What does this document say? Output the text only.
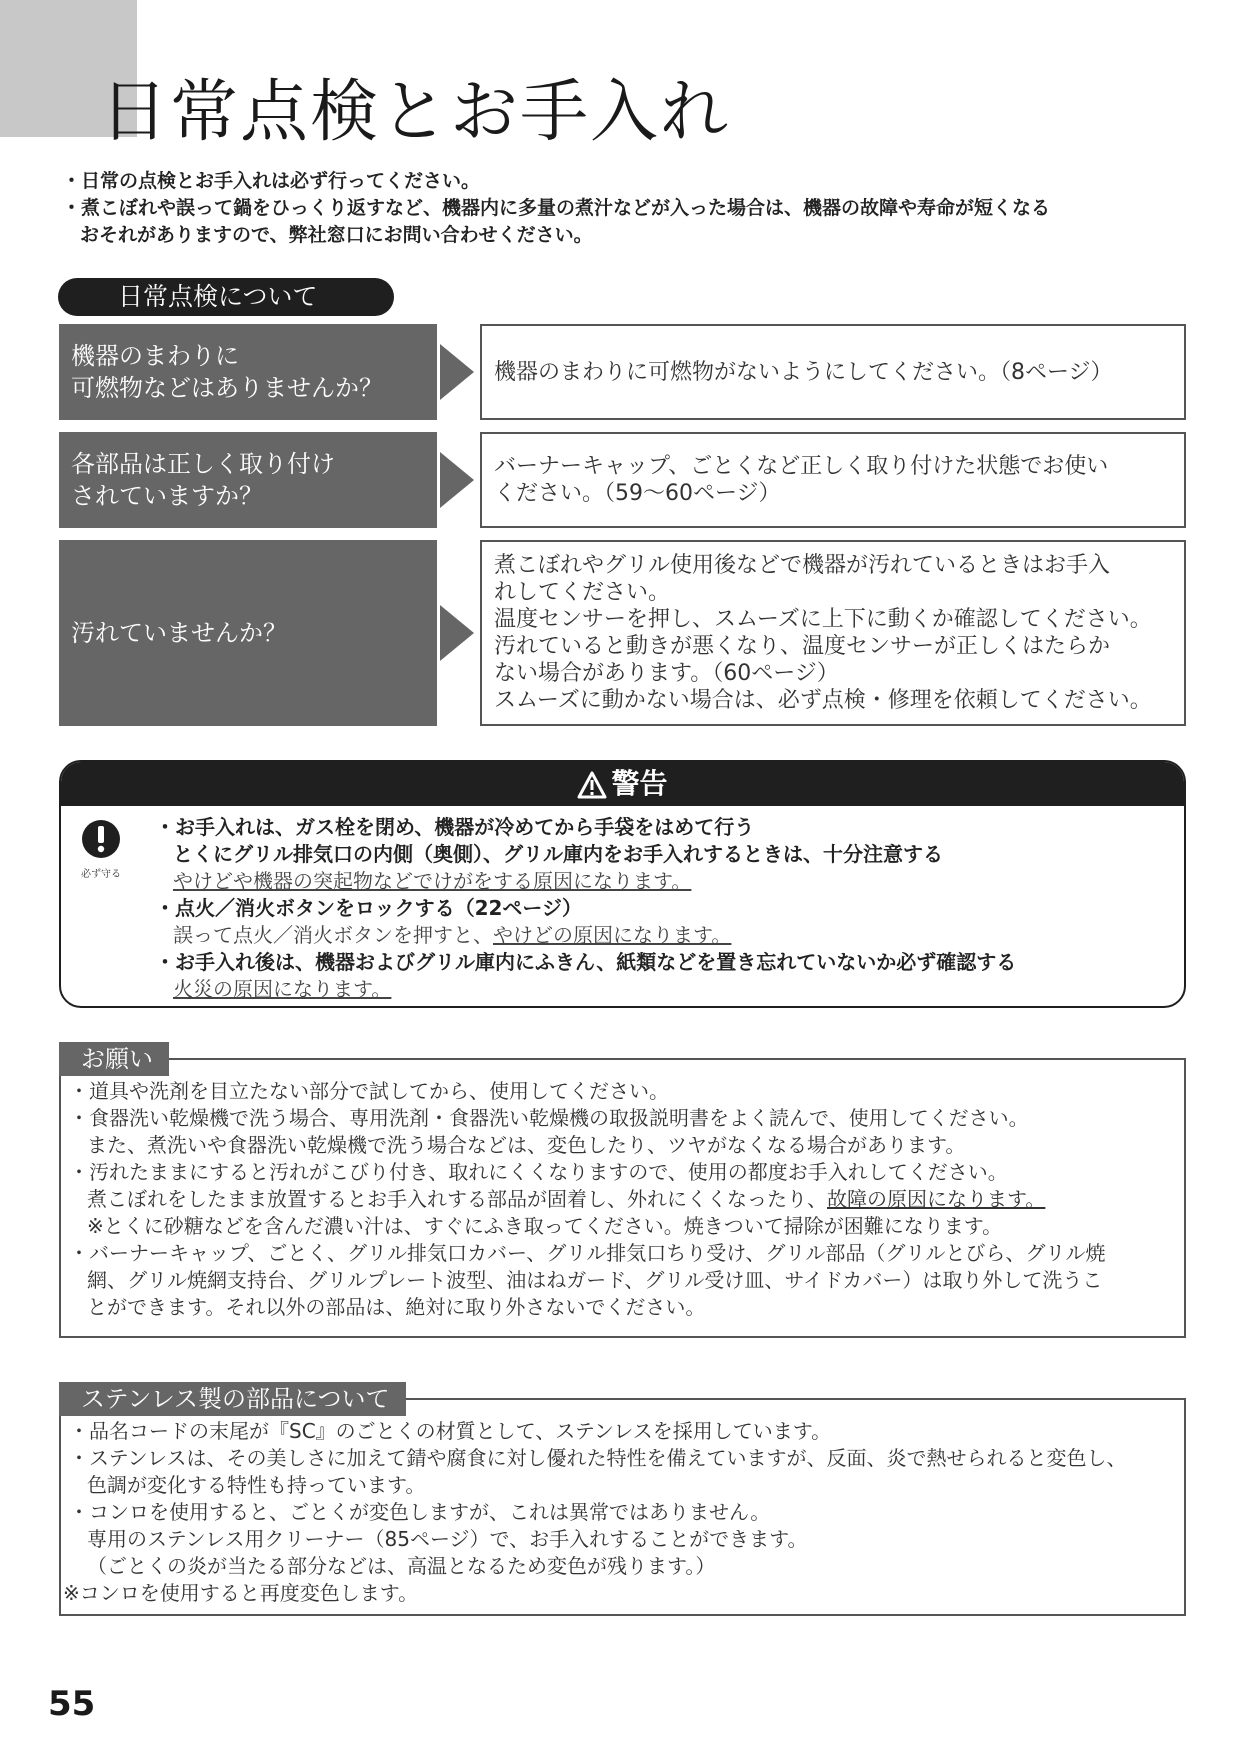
日常点検とお手入れ
・日常の点検とお手入れは必ず行ってください。
・煮こぼれや誤って鍋をひっくり返すなど、機器内に多量の煮汁などが入った場合は、機器の故障や寿命が短くなる
おそれがありますので、弊社窓口にお問い合わせください。
日常点検について
機器のまわりに
可燃物などはありませんか？
機器のまわりに可燃物がないようにしてください。（8ページ）
各部品は正しく取り付け
されていますか？
バーナーキャップ、ごとくなど正しく取り付けた状態でお使い
ください。（59～60ページ）
汚れていませんか？
煮こぼれやグリル使用後などで機器が汚れているときはお手入
れしてください。
温度センサーを押し、スムーズに上下に動くか確認してください。
汚れていると動きが悪くなり、温度センサーが正しくはたらか
ない場合があります。（60ページ）
スムーズに動かない場合は、必ず点検・修理を依頼してください。
警告
必ず守る
・お手入れは、ガス栓を閉め、機器が冷めてから手袋をはめて行う
とくにグリル排気口の内側（奥側）、グリル庫内をお手入れするときは、十分注意する
やけどや機器の突起物などでけがをする原因になります。
・点火／消火ボタンをロックする（22ページ）
誤って点火／消火ボタンを押すと、やけどの原因になります。
・お手入れ後は、機器およびグリル庫内にふきん、紙類などを置き忘れていないか必ず確認する
火災の原因になります。
お願い
・道具や洗剤を目立たない部分で試してから、使用してください。
・食器洗い乾燥機で洗う場合、専用洗剤・食器洗い乾燥機の取扱説明書をよく読んで、使用してください。
また、煮洗いや食器洗い乾燥機で洗う場合などは、変色したり、ツヤがなくなる場合があります。
・汚れたままにすると汚れがこびり付き、取れにくくなりますので、使用の都度お手入れしてください。
煮こぼれをしたまま放置するとお手入れする部品が固着し、外れにくくなったり、故障の原因になります。
※とくに砂糖などを含んだ濃い汁は、すぐにふき取ってください。焼きついて掃除が困難になります。
・バーナーキャップ、ごとく、グリル排気口カバー、グリル排気口ちり受け、グリル部品（グリルとびら、グリル焼
網、グリル焼網支持台、グリルプレート波型、油はねガード、グリル受け皿、サイドカバー）は取り外して洗うこ
とができます。それ以外の部品は、絶対に取り外さないでください。
ステンレス製の部品について
・品名コードの末尾が『SC』のごとくの材質として、ステンレスを採用しています。
・ステンレスは、その美しさに加えて錆や腐食に対し優れた特性を備えていますが、反面、炎で熱せられると変色し、
色調が変化する特性も持っています。
・コンロを使用すると、ごとくが変色しますが、これは異常ではありません。
専用のステンレス用クリーナー（85ページ）で、お手入れすることができます。
（ごとくの炎が当たる部分などは、高温となるため変色が残ります。）
※コンロを使用すると再度変色します。
55
